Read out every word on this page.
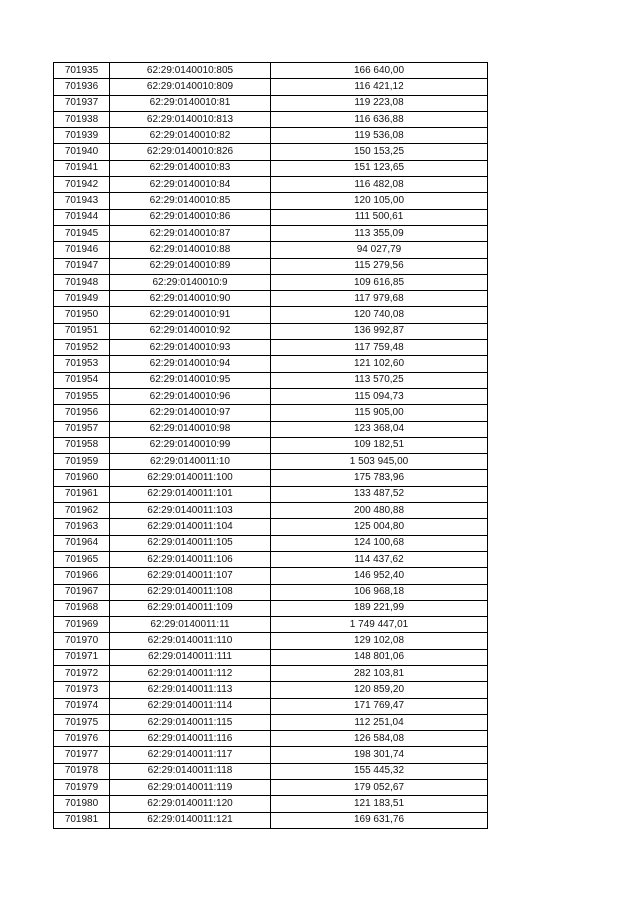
701935	62:29:0140010:805	166 640,00
701936	62:29:0140010:809	116 421,12
701937	62:29:0140010:81	119 223,08
701938	62:29:0140010:813	116 636,88
701939	62:29:0140010:82	119 536,08
701940	62:29:0140010:826	150 153,25
701941	62:29:0140010:83	151 123,65
701942	62:29:0140010:84	116 482,08
701943	62:29:0140010:85	120 105,00
701944	62:29:0140010:86	111 500,61
701945	62:29:0140010:87	113 355,09
701946	62:29:0140010:88	94 027,79
701947	62:29:0140010:89	115 279,56
701948	62:29:0140010:9	109 616,85
701949	62:29:0140010:90	117 979,68
701950	62:29:0140010:91	120 740,08
701951	62:29:0140010:92	136 992,87
701952	62:29:0140010:93	117 759,48
701953	62:29:0140010:94	121 102,60
701954	62:29:0140010:95	113 570,25
701955	62:29:0140010:96	115 094,73
701956	62:29:0140010:97	115 905,00
701957	62:29:0140010:98	123 368,04
701958	62:29:0140010:99	109 182,51
701959	62:29:0140011:10	1 503 945,00
701960	62:29:0140011:100	175 783,96
701961	62:29:0140011:101	133 487,52
701962	62:29:0140011:103	200 480,88
701963	62:29:0140011:104	125 004,80
701964	62:29:0140011:105	124 100,68
701965	62:29:0140011:106	114 437,62
701966	62:29:0140011:107	146 952,40
701967	62:29:0140011:108	106 968,18
701968	62:29:0140011:109	189 221,99
701969	62:29:0140011:11	1 749 447,01
701970	62:29:0140011:110	129 102,08
701971	62:29:0140011:111	148 801,06
701972	62:29:0140011:112	282 103,81
701973	62:29:0140011:113	120 859,20
701974	62:29:0140011:114	171 769,47
701975	62:29:0140011:115	112 251,04
701976	62:29:0140011:116	126 584,08
701977	62:29:0140011:117	198 301,74
701978	62:29:0140011:118	155 445,32
701979	62:29:0140011:119	179 052,67
701980	62:29:0140011:120	121 183,51
701981	62:29:0140011:121	169 631,76
